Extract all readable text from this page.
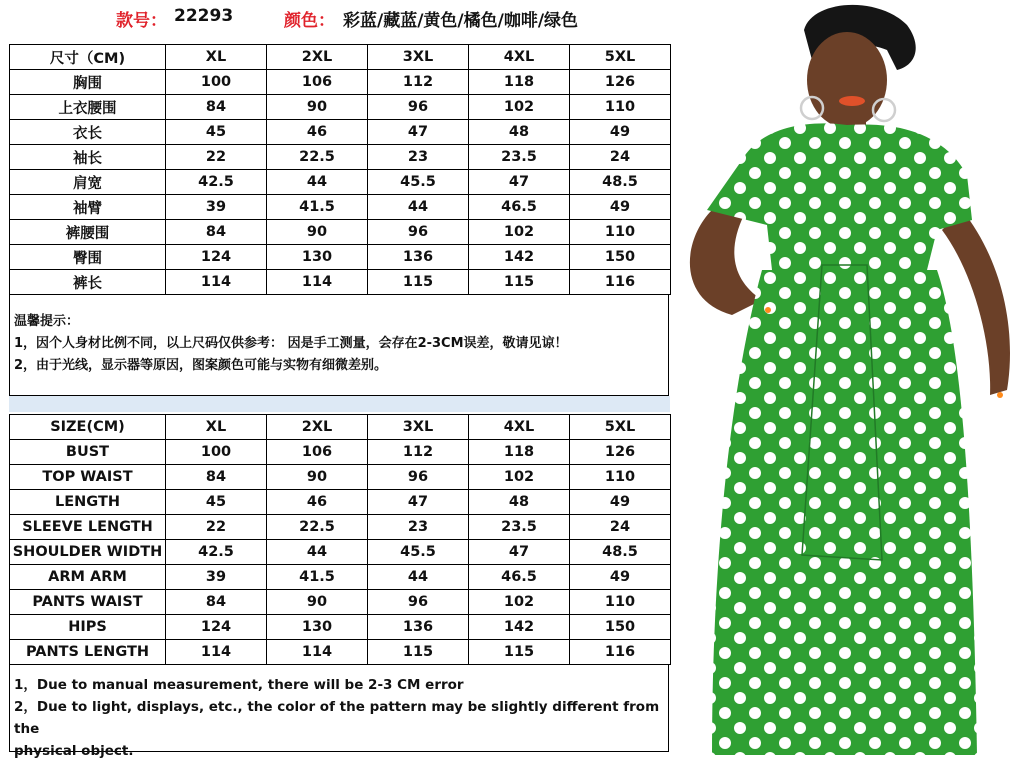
款号： 22293	颜色： 彩蓝/藏蓝/黄色/橘色/咖啡/绿色
尺寸（CM)	XL	2XL	3XL	4XL	5XL
胸围	100	106	112	118	126
上衣腰围	84	90	96	102	110
衣长	45	46	47	48	49
袖长	22	22.5	23	23.5	24
肩宽	42.5	44	45.5	47	48.5
袖臂	39	41.5	44	46.5	49
裤腰围	84	90	96	102	110
臀围	124	130	136	142	150
裤长	114	114	115	115	116
温馨提示：
1，因个人身材比例不同，以上尺码仅供参考： 因是手工测量，会存在2-3CM误差，敬请见谅！
2，由于光线，显示器等原因，图案颜色可能与实物有细微差别。
SIZE(CM)	XL	2XL	3XL	4XL	5XL
BUST	100	106	112	118	126
TOP WAIST	84	90	96	102	110
LENGTH	45	46	47	48	49
SLEEVE LENGTH	22	22.5	23	23.5	24
SHOULDER WIDTH	42.5	44	45.5	47	48.5
ARM ARM	39	41.5	44	46.5	49
PANTS WAIST	84	90	96	102	110
HIPS	124	130	136	142	150
PANTS LENGTH	114	114	115	115	116
1，Due to manual measurement, there will be 2-3 CM error
2，Due to light, displays, etc., the color of the pattern may be slightly different from the
physical object.
